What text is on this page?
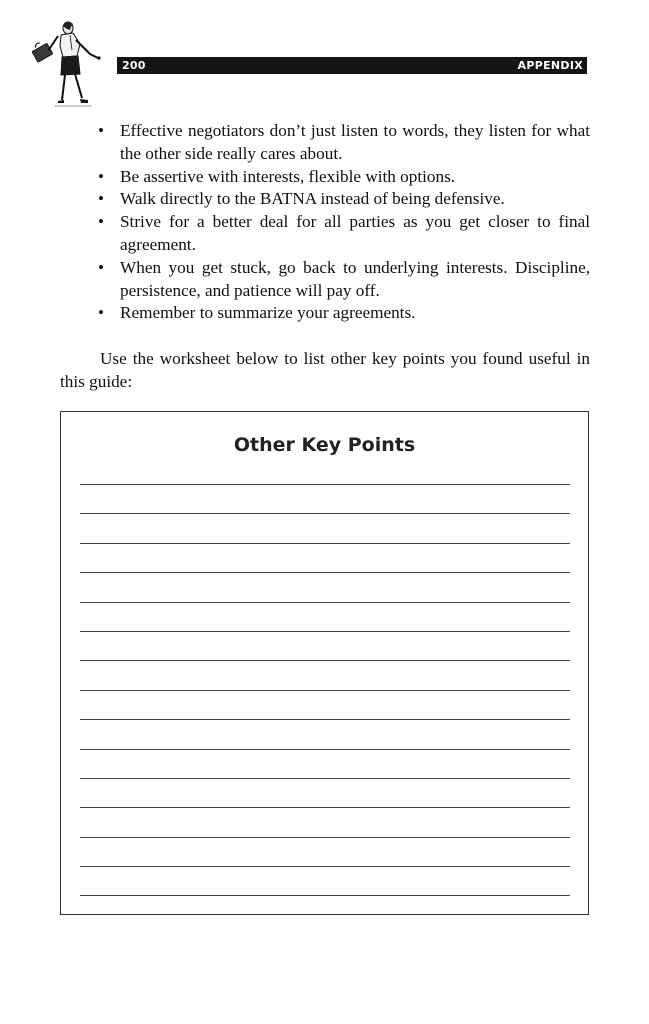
200	APPENDIX
• Effective negotiators don’t just listen to words, they listen for what the other side really cares about.
• Be assertive with interests, flexible with options.
• Walk directly to the BATNA instead of being defensive.
• Strive for a better deal for all parties as you get closer to final agreement.
• When you get stuck, go back to underlying interests. Discipline, persistence, and patience will pay off.
• Remember to summarize your agreements.

Use the worksheet below to list other key points you found useful in this guide:

Other Key Points
